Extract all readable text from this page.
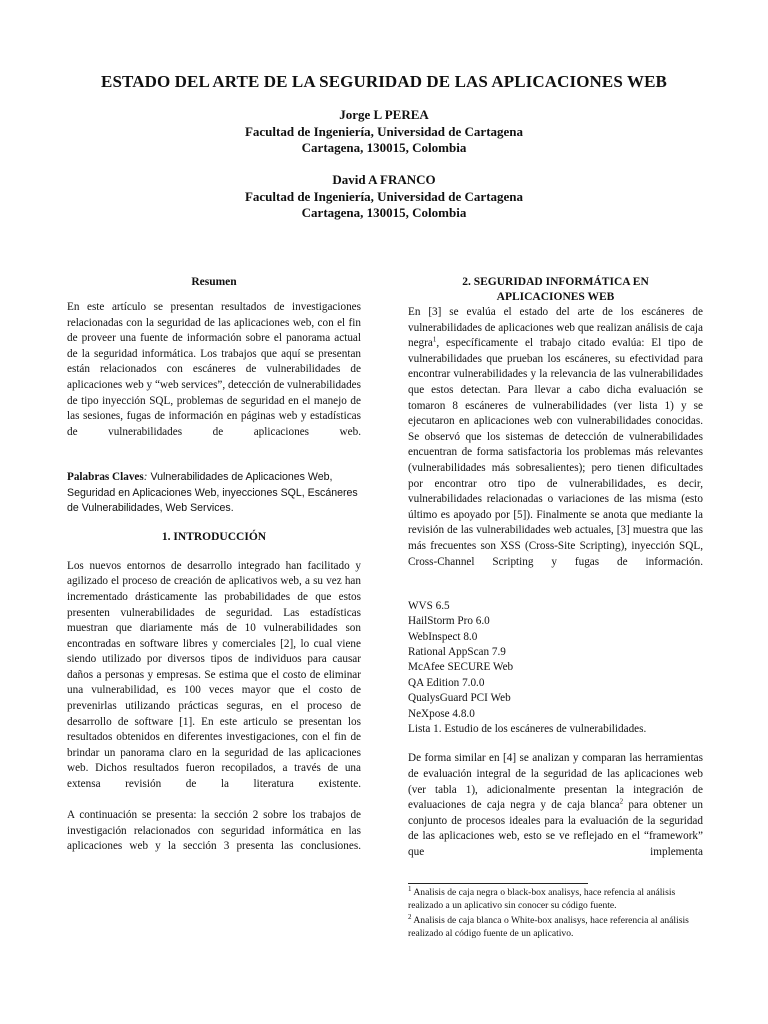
ESTADO DEL ARTE DE LA SEGURIDAD DE LAS APLICACIONES WEB
Jorge L PEREA
Facultad de Ingeniería, Universidad de Cartagena
Cartagena, 130015, Colombia
David A FRANCO
Facultad de Ingeniería, Universidad de Cartagena
Cartagena, 130015, Colombia
Resumen

En este artículo se presentan resultados de investigaciones relacionadas con la seguridad de las aplicaciones web, con el fin de proveer una fuente de información sobre el panorama actual de la seguridad informática. Los trabajos que aquí se presentan están relacionados con escáneres de vulnerabilidades de aplicaciones web y “web services”, detección de vulnerabilidades de tipo inyección SQL, problemas de seguridad en el manejo de las sesiones, fugas de información en páginas web y estadísticas de vulnerabilidades de aplicaciones web.

Palabras Claves: Vulnerabilidades de Aplicaciones Web, Seguridad en Aplicaciones Web, inyecciones SQL, Escáneres de Vulnerabilidades, Web Services.
1. INTRODUCCIÓN

Los nuevos entornos de desarrollo integrado han facilitado y agilizado el proceso de creación de aplicativos web, a su vez han incrementado drásticamente las probabilidades de que estos presenten vulnerabilidades de seguridad. Las estadísticas muestran que diariamente más de 10 vulnerabilidades son encontradas en software libres y comerciales [2], lo cual viene siendo utilizado por diversos tipos de individuos para causar daños a personas y empresas. Se estima que el costo de eliminar una vulnerabilidad, es 100 veces mayor que el costo de prevenirlas utilizando prácticas seguras, en el proceso de desarrollo de software [1]. En este articulo se presentan los resultados obtenidos en diferentes investigaciones, con el fin de brindar un panorama claro en la seguridad de las aplicaciones web. Dichos resultados fueron recopilados, a través de una extensa revisión de la literatura existente.

A continuación se presenta: la sección 2 sobre los trabajos de investigación relacionados con seguridad informática en las aplicaciones web y la sección 3 presenta las conclusiones.

2. SEGURIDAD INFORMÁTICA EN
APLICACIONES WEB

En [3] se evalúa el estado del arte de los escáneres de vulnerabilidades de aplicaciones web que realizan análisis de caja negra$^1$, específicamente el trabajo citado evalúa: El tipo de vulnerabilidades que prueban los escáneres, su efectividad para encontrar vulnerabilidades y la relevancia de las vulnerabilidades que estos detectan. Para llevar a cabo dicha evaluación se tomaron 8 escáneres de vulnerabilidades (ver lista 1) y se ejecutaron en aplicaciones web con vulnerabilidades conocidas. Se observó que los sistemas de detección de vulnerabilidades encuentran de forma satisfactoria los problemas más relevantes (vulnerabilidades más sobresalientes); pero tienen dificultades por encontrar otro tipo de vulnerabilidades, es decir, vulnerabilidades relacionadas o variaciones de las misma (esto último es apoyado por [5]). Finalmente se anota que mediante la revisión de las vulnerabilidades web actuales, [3] muestra que las más frecuentes son XSS (Cross-Site Scripting), inyección SQL, Cross-Channel Scripting y fugas de información.

WVS 6.5
HailStorm Pro 6.0
WebInspect 8.0
Rational AppScan 7.9
McAfee SECURE Web
QA Edition 7.0.0
QualysGuard PCI Web
NeXpose 4.8.0
Lista 1. Estudio de los escáneres de vulnerabilidades.

De forma similar en [4] se analizan y comparan las herramientas de evaluación integral de la seguridad de las aplicaciones web (ver tabla 1), adicionalmente presentan la integración de evaluaciones de caja negra y de caja blanca$^2$ para obtener un conjunto de procesos ideales para la evaluación de la seguridad de las aplicaciones web, esto se ve reflejado en el “framework” que implementa

$^1$ Analisis de caja negra o black-box analisys, hace refencia al análisis realizado a un aplicativo sin conocer su código fuente.
$^2$ Analisis de caja blanca o White-box analisys, hace referencia al análisis realizado al código fuente de un aplicativo.
